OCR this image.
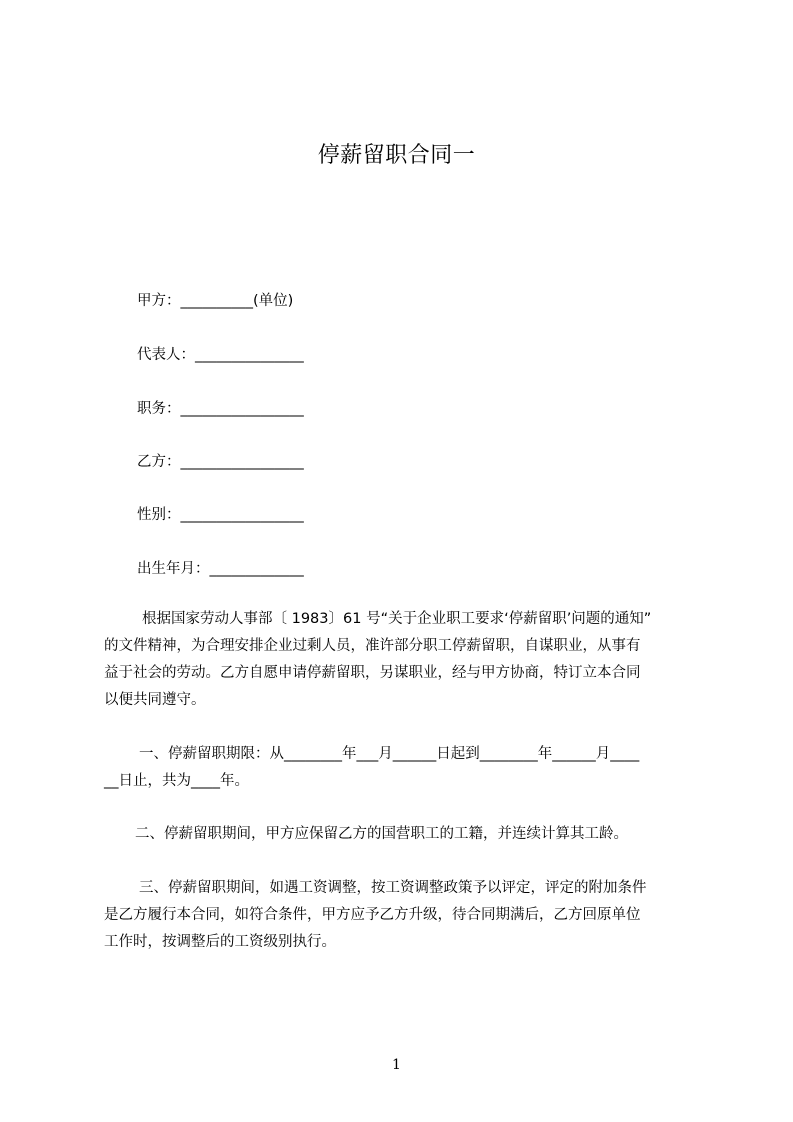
停薪留职合同一
甲方：__________(单位)
代表人：_______________
职务：_________________
乙方：_________________
性别：_________________
出生年月：_____________
根据国家劳动人事部〔 1983〕61 号“关于企业职工要求‘停薪留职’问题的通知”
的文件精神，为合理安排企业过剩人员，准许部分职工停薪留职，自谋职业，从事有
益于社会的劳动。乙方自愿申请停薪留职，另谋职业，经与甲方协商，特订立本合同
以便共同遵守。
一、停薪留职期限：从________年___月______日起到________年______月____
__日止，共为____年。
二、停薪留职期间，甲方应保留乙方的国营职工的工籍，并连续计算其工龄。
三、停薪留职期间，如遇工资调整，按工资调整政策予以评定，评定的附加条件
是乙方履行本合同，如符合条件，甲方应予乙方升级，待合同期满后，乙方回原单位
工作时，按调整后的工资级别执行。
1
